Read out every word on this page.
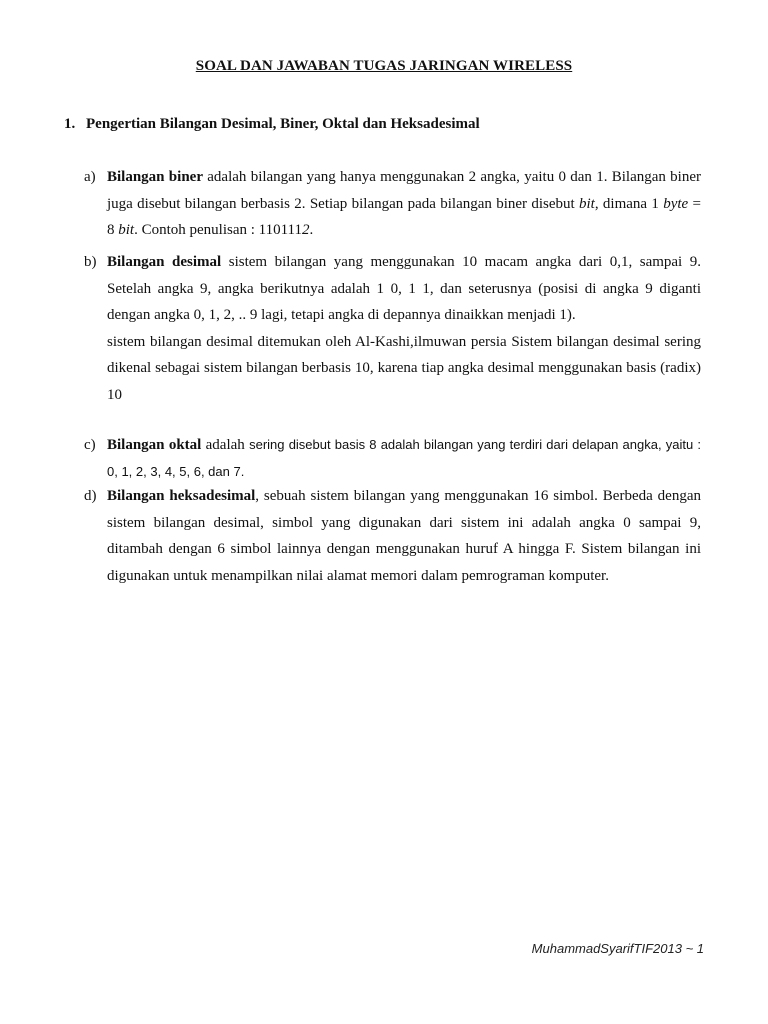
SOAL DAN JAWABAN TUGAS JARINGAN WIRELESS
1. Pengertian Bilangan Desimal, Biner, Oktal dan Heksadesimal
a) Bilangan biner adalah bilangan yang hanya menggunakan 2 angka, yaitu 0 dan 1. Bilangan biner juga disebut bilangan berbasis 2. Setiap bilangan pada bilangan biner disebut bit, dimana 1 byte = 8 bit. Contoh penulisan : 1101112.

b) Bilangan desimal sistem bilangan yang menggunakan 10 macam angka dari 0,1, sampai 9. Setelah angka 9, angka berikutnya adalah 1 0, 1 1, dan seterusnya (posisi di angka 9 diganti dengan angka 0, 1, 2, .. 9 lagi, tetapi angka di depannya dinaikkan menjadi 1).

sistem bilangan desimal ditemukan oleh Al-Kashi,ilmuwan persia Sistem bilangan desimal sering dikenal sebagai sistem bilangan berbasis 10, karena tiap angka desimal menggunakan basis (radix) 10

c) Bilangan oktal adalah sering disebut basis 8 adalah bilangan yang terdiri dari delapan angka, yaitu : 0, 1, 2, 3, 4, 5, 6, dan 7.

d) Bilangan heksadesimal, sebuah sistem bilangan yang menggunakan 16 simbol. Berbeda dengan sistem bilangan desimal, simbol yang digunakan dari sistem ini adalah angka 0 sampai 9, ditambah dengan 6 simbol lainnya dengan menggunakan huruf A hingga F. Sistem bilangan ini digunakan untuk menampilkan nilai alamat memori dalam pemrograman komputer.

MuhammadSyarifTIF2013 ~ 1
